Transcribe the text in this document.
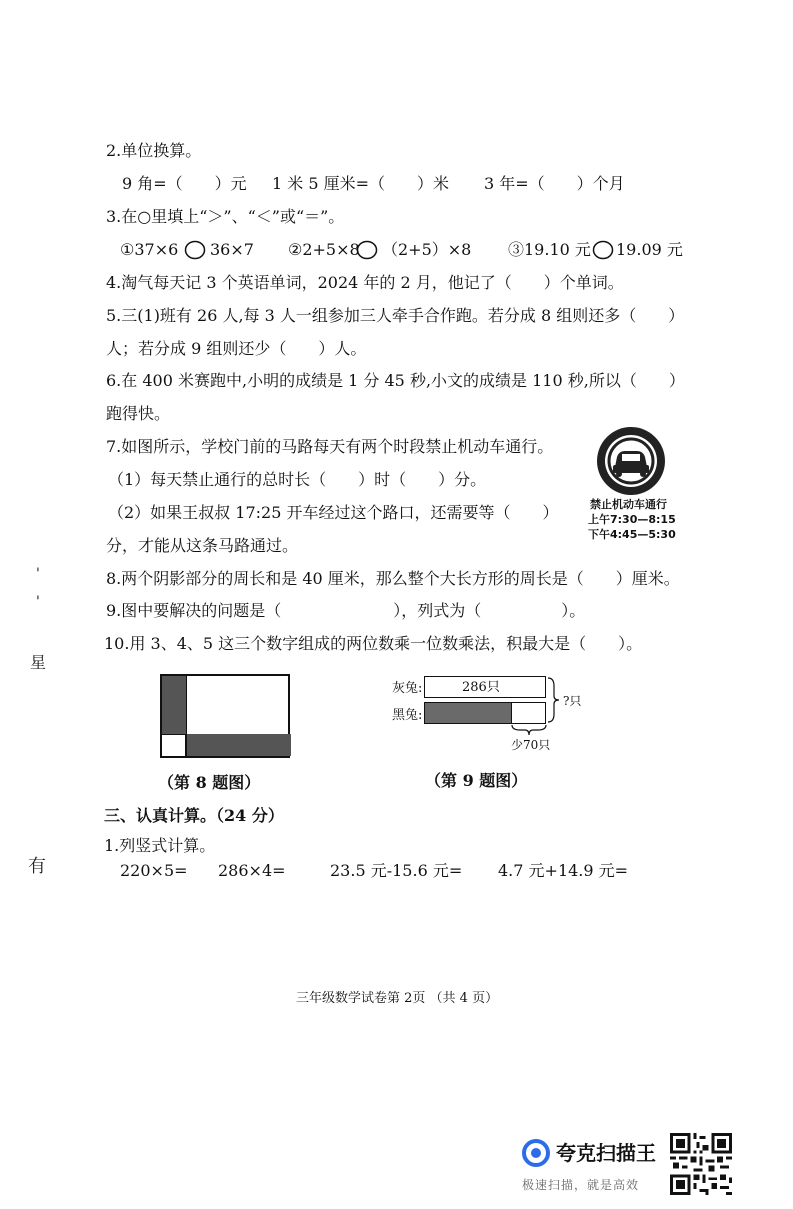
'
'
星
有
2.单位换算。
9 角=（　　）元 1 米 5 厘米=（　　）米 3 年=（　　）个月
3.在○里填上“＞”、“＜”或“＝”。
①37×6 36×7 ②2+5×8 （2+5）×8 ③19.10 元 19.09 元
4.淘气每天记 3 个英语单词，2024 年的 2 月，他记了（　　）个单词。
5.三(1)班有 26 人,每 3 人一组参加三人牵手合作跑。若分成 8 组则还多（　　）
人；若分成 9 组则还少（　　）人。
6.在 400 米赛跑中,小明的成绩是 1 分 45 秒,小文的成绩是 110 秒,所以（　　）
跑得快。
7.如图所示，学校门前的马路每天有两个时段禁止机动车通行。
（1）每天禁止通行的总时长（　　）时（　　）分。
（2）如果王叔叔 17:25 开车经过这个路口，还需要等（　　）
分，才能从这条马路通过。
禁止机动车通行
上午7:30—8:15
下午4:45—5:30
8.两个阴影部分的周长和是 40 厘米，那么整个大长方形的周长是（　　）厘米。
9.图中要解决的问题是（　　　　　　　），列式为（　　　　　）。
10.用 3、4、5 这三个数字组成的两位数乘一位数乘法，积最大是（　　）。
灰兔:
黑兔:
286只
?只
少70只
（第 8 题图）	（第 9 题图）
三、认真计算。（24 分）
1.列竖式计算。
220×5= 286×4=	23.5 元-15.6 元= 4.7 元+14.9 元=
三年级数学试卷第 2页 （共 4 页）
夸克扫描王
极速扫描，就是高效
